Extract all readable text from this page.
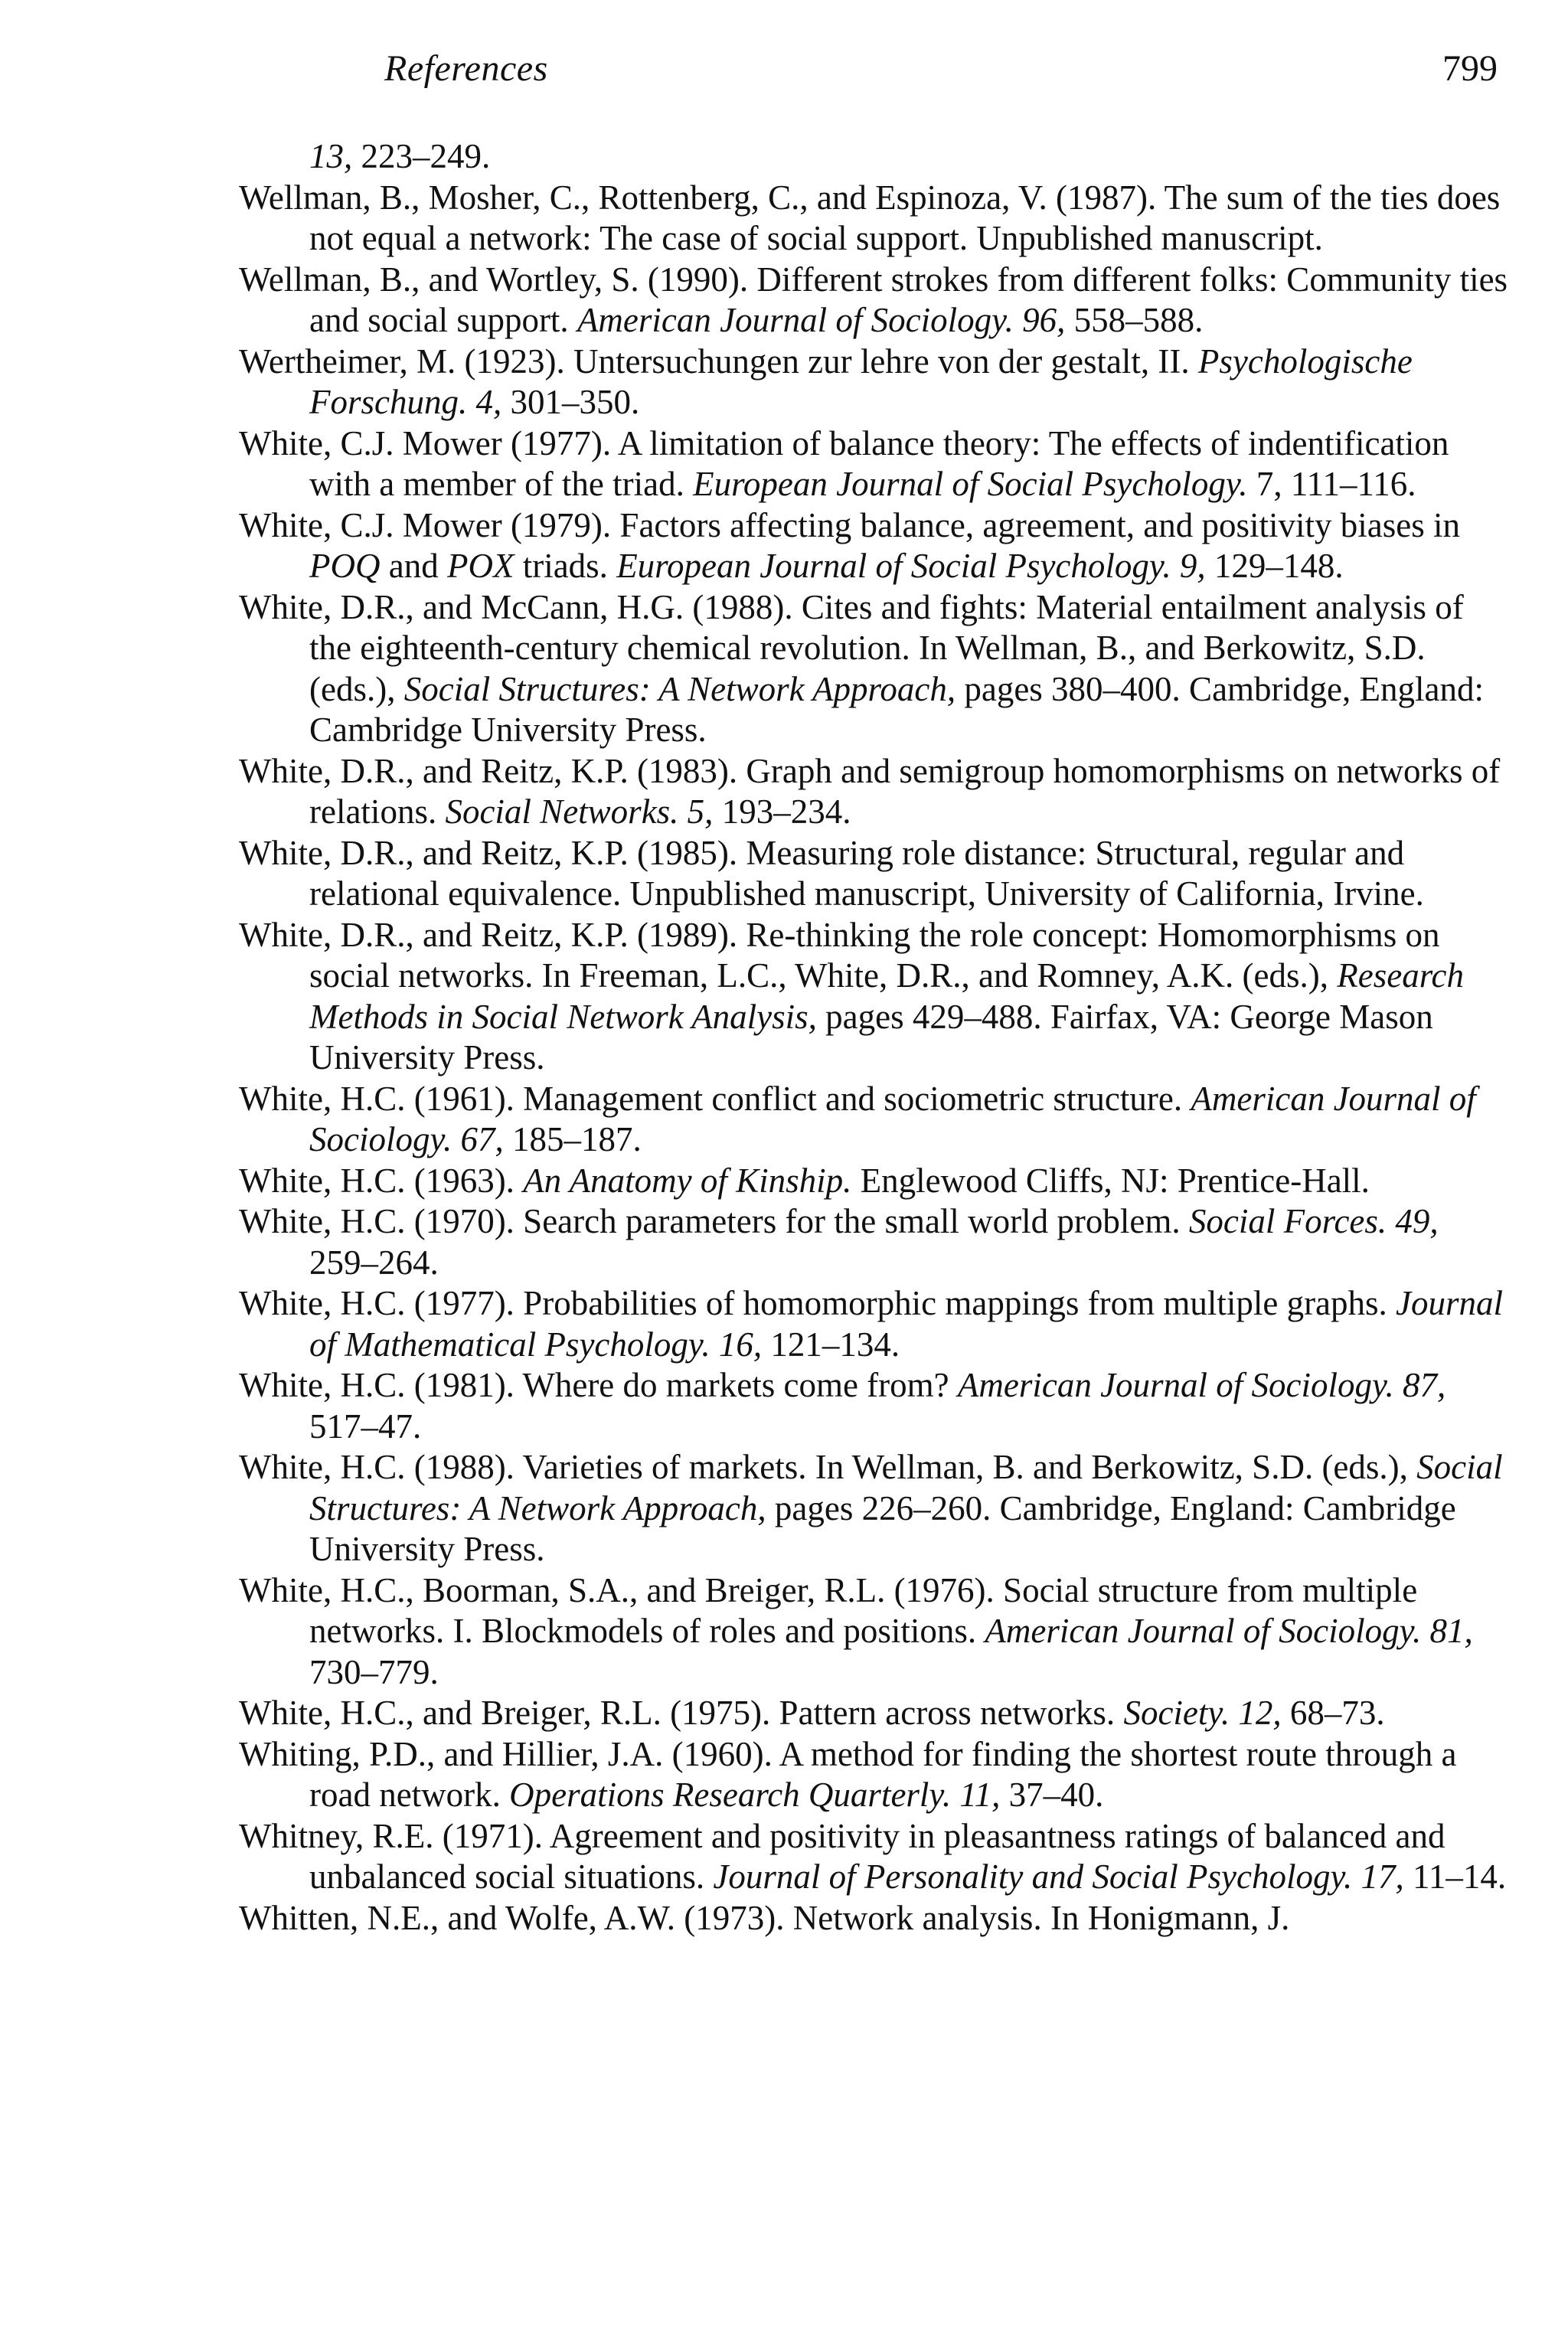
References	799

13, 223–249.

Wellman, B., Mosher, C., Rottenberg, C., and Espinoza, V. (1987). The sum of the ties does not equal a network: The case of social support. Unpublished manuscript.

Wellman, B., and Wortley, S. (1990). Different strokes from different folks: Community ties and social support. American Journal of Sociology. 96, 558–588.

Wertheimer, M. (1923). Untersuchungen zur lehre von der gestalt, II. Psychologische Forschung. 4, 301–350.

White, C.J. Mower (1977). A limitation of balance theory: The effects of indentification with a member of the triad. European Journal of Social Psychology. 7, 111–116.

White, C.J. Mower (1979). Factors affecting balance, agreement, and positivity biases in POQ and POX triads. European Journal of Social Psychology. 9, 129–148.

White, D.R., and McCann, H.G. (1988). Cites and fights: Material entailment analysis of the eighteenth-century chemical revolution. In Wellman, B., and Berkowitz, S.D. (eds.), Social Structures: A Network Approach, pages 380–400. Cambridge, England: Cambridge University Press.

White, D.R., and Reitz, K.P. (1983). Graph and semigroup homomorphisms on networks of relations. Social Networks. 5, 193–234.

White, D.R., and Reitz, K.P. (1985). Measuring role distance: Structural, regular and relational equivalence. Unpublished manuscript, University of California, Irvine.

White, D.R., and Reitz, K.P. (1989). Re-thinking the role concept: Homomorphisms on social networks. In Freeman, L.C., White, D.R., and Romney, A.K. (eds.), Research Methods in Social Network Analysis, pages 429–488. Fairfax, VA: George Mason University Press.

White, H.C. (1961). Management conflict and sociometric structure. American Journal of Sociology. 67, 185–187.

White, H.C. (1963). An Anatomy of Kinship. Englewood Cliffs, NJ: Prentice-Hall.

White, H.C. (1970). Search parameters for the small world problem. Social Forces. 49, 259–264.

White, H.C. (1977). Probabilities of homomorphic mappings from multiple graphs. Journal of Mathematical Psychology. 16, 121–134.

White, H.C. (1981). Where do markets come from? American Journal of Sociology. 87, 517–47.

White, H.C. (1988). Varieties of markets. In Wellman, B. and Berkowitz, S.D. (eds.), Social Structures: A Network Approach, pages 226–260. Cambridge, England: Cambridge University Press.

White, H.C., Boorman, S.A., and Breiger, R.L. (1976). Social structure from multiple networks. I. Blockmodels of roles and positions. American Journal of Sociology. 81, 730–779.

White, H.C., and Breiger, R.L. (1975). Pattern across networks. Society. 12, 68–73.

Whiting, P.D., and Hillier, J.A. (1960). A method for finding the shortest route through a road network. Operations Research Quarterly. 11, 37–40.

Whitney, R.E. (1971). Agreement and positivity in pleasantness ratings of balanced and unbalanced social situations. Journal of Personality and Social Psychology. 17, 11–14.

Whitten, N.E., and Wolfe, A.W. (1973). Network analysis. In Honigmann, J.
